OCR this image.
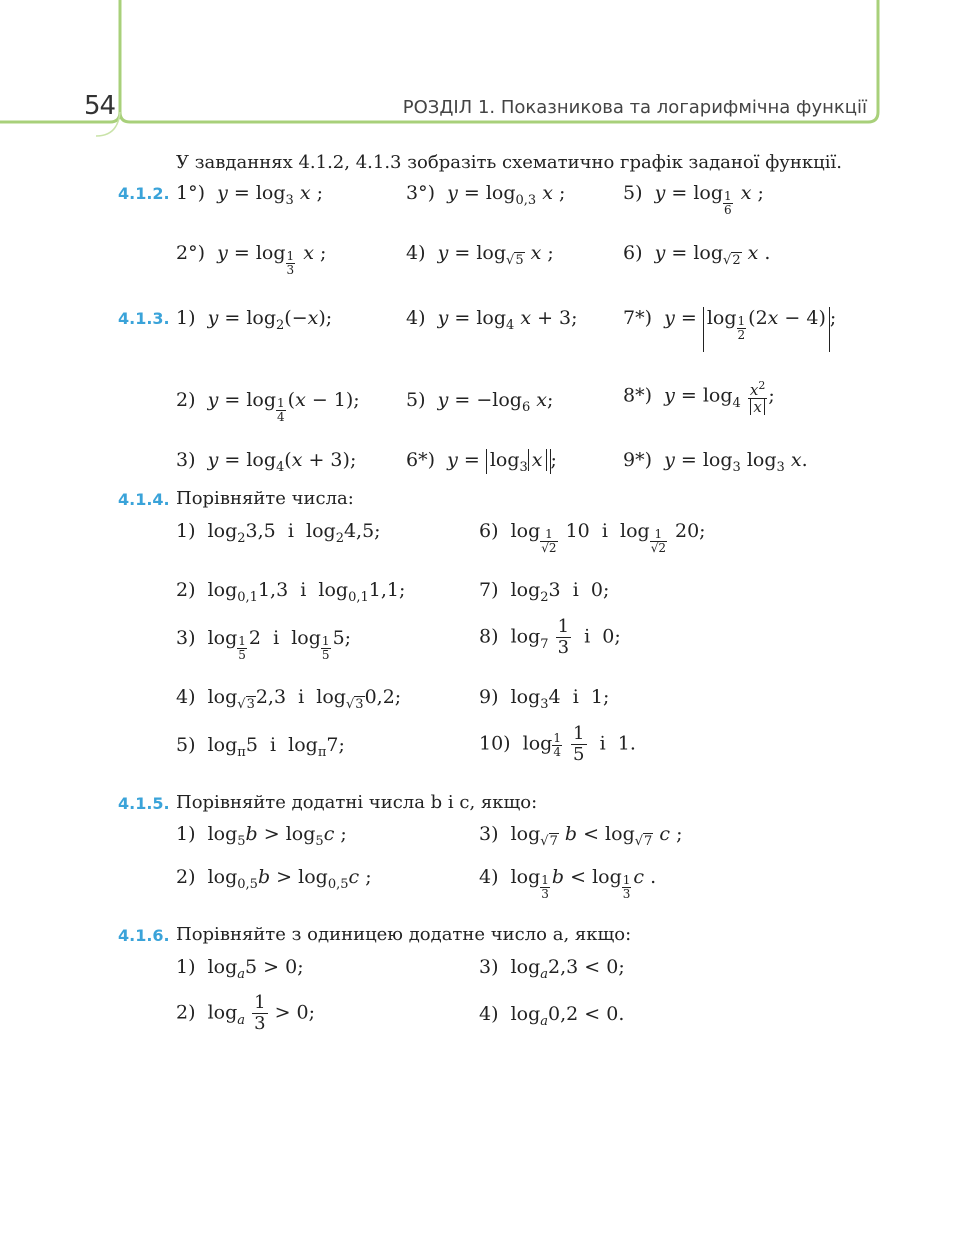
54	РОЗДІЛ 1. Показникова та логарифмічна функції
У завданнях 4.1.2, 4.1.3 зобразіть схематично графік заданої функції.
4.1.2. 1°)  $y = \log_3 x$ ;
2°)  $y = \log \frac{1}{3}$ x ;
3°)  $y = \log_{0,3} x$ ;
4)  $y = \log_{√5} x$ ;
5)  $y = \log \frac{1}{6}$ x ;
6)  $y = \log_{√2} x$ .
4.1.3. 1)  $y = \log_2(-x)$;
2)  $y = \log \frac{1}{4} (x - 1)$;
3)  $y = \log_4(x + 3)$;
4)  $y = \log_4 x + 3$;
5)  $y = -\log_6$ x;
6*)  $y = \log_3 x$ ;
7*)  $y = \log \frac{1}{2} (2x - 4)$ ;
8*)  $y = \log_4 \frac{x^2}{x}$ ;
9*)  $y = \log_3 \log_3 x$.
4.1.4. Порівняйте числа:
1)  $\log_23,5$  і  $\log_24,5$;
2)  $\log_{0,1}1,3$  і  $\log_{0,1}1,1$;
3)  $\log \frac{1}{5} 2$  і  $\log \frac{1}{5} 5$;
4)  $\log_{√3}2,3$  і  $\log_{√3}0,2$;
5)  $\log_\pi 5$  і  $\log_\pi 7$;
6)  $\log \frac{1}{√2} 10$  і  $\log \frac{1}{√2} 20$;
7)  $\log_23$  і  0;
8)  $\log_7 \frac{1}{3}$ і  0;
9)  $\log_34$  і  1;
10)  $\log \frac{1}{4}$
$\frac{1}{5}$ і  1.
4.1.5. Порівняйте додатні числа b і c, якщо:
1)  $\log_5b > \log_5c$ ;
2)  $\log_{0,5}b > \log_{0,5}c$ ;
3)  $\log_{√7} b < \log_{√7} c$ ;
4)  $\log \frac{1}{3}$ $b < \log \frac{1}{3}$ c .
4.1.6. Порівняйте з одиницею додатне число a, якщо:
1)  $\log_a5 > 0$;
2)  $\log_a \frac{1}{3} > 0$;
3)  $\log_a2,3 < 0$;
4)  $\log_a0,2 < 0$.
